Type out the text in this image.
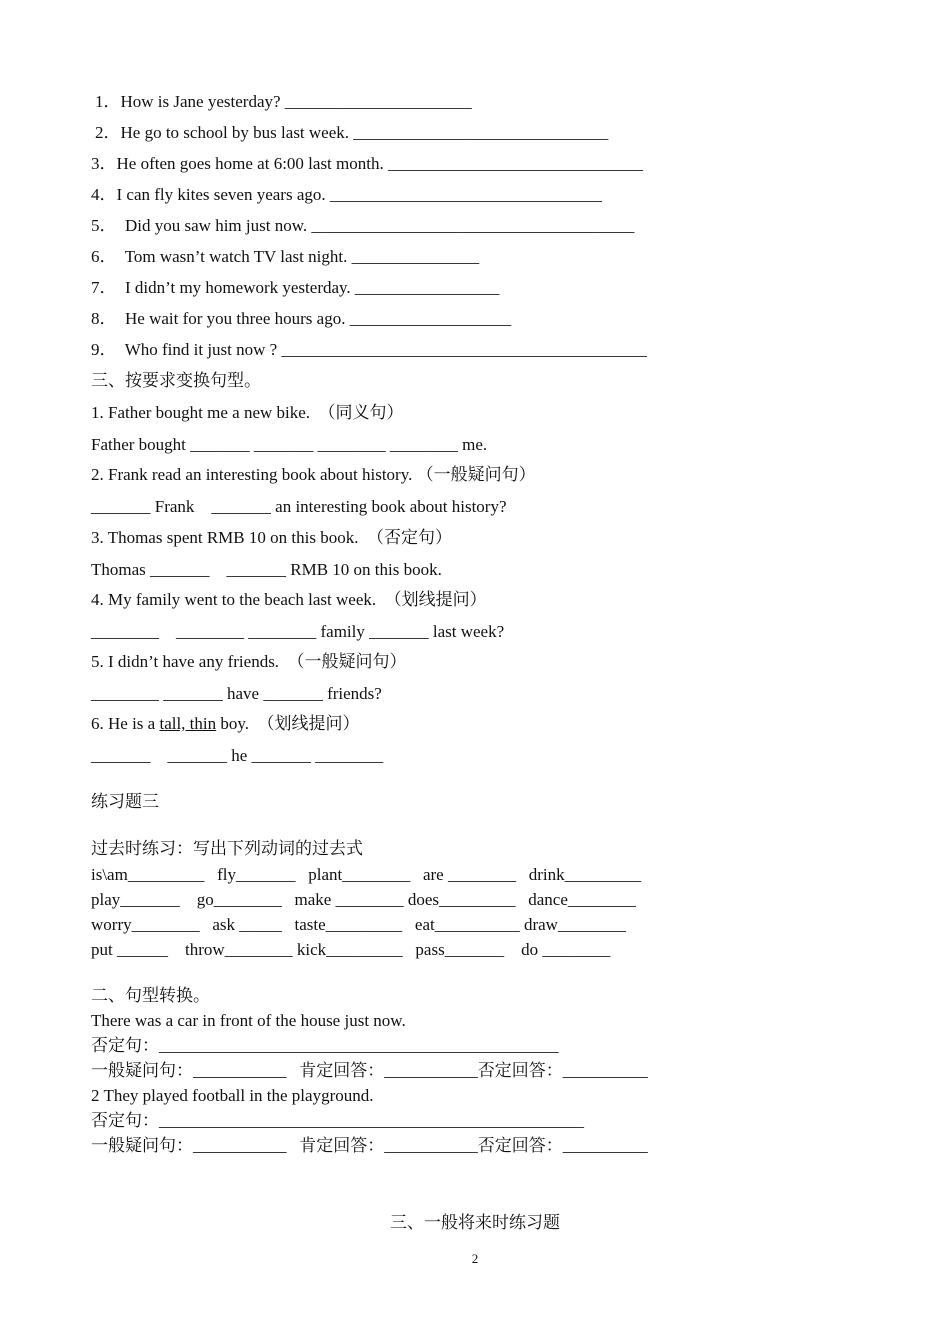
1．How is Jane yesterday? ______________________
2．He go to school by bus last week. ______________________________
3．He often goes home at 6:00 last month. ______________________________
4．I can fly kites seven years ago. ________________________________
5．  Did you saw him just now. ______________________________________
6．  Tom wasn’t watch TV last night. _______________
7．  I didn’t my homework yesterday. _________________
8．  He wait for you three hours ago. ___________________
9．  Who find it just now ? ___________________________________________
三、按要求变换句型。
1. Father bought me a new bike.  （同义句）
Father bought _______ _______ ________ ________ me.
2. Frank read an interesting book about history. （一般疑问句）
_______ Frank    _______ an interesting book about history?
3. Thomas spent RMB 10 on this book.  （否定句）
Thomas _______    _______ RMB 10 on this book.
4. My family went to the beach last week.  （划线提问）
________    ________ ________ family _______ last week?
5. I didn’t have any friends.  （一般疑问句）
________ _______ have _______ friends?
6. He is a tall, thin boy.  （划线提问）
_______    _______ he _______ ________
练习题三
过去时练习：写出下列动词的过去式
is\am_________   fly_______   plant________   are ________   drink_________
play_______    go________   make ________ does_________   dance________
worry________   ask _____   taste_________   eat__________ draw________
put ______    throw________ kick_________   pass_______    do ________
二、句型转换。
There was a car in front of the house just now.
否定句：_______________________________________________
一般疑问句：___________   肯定回答：___________否定回答：__________
2 They played football in the playground.
否定句：__________________________________________________
一般疑问句：___________   肯定回答：___________否定回答：__________
三、一般将来时练习题
2
